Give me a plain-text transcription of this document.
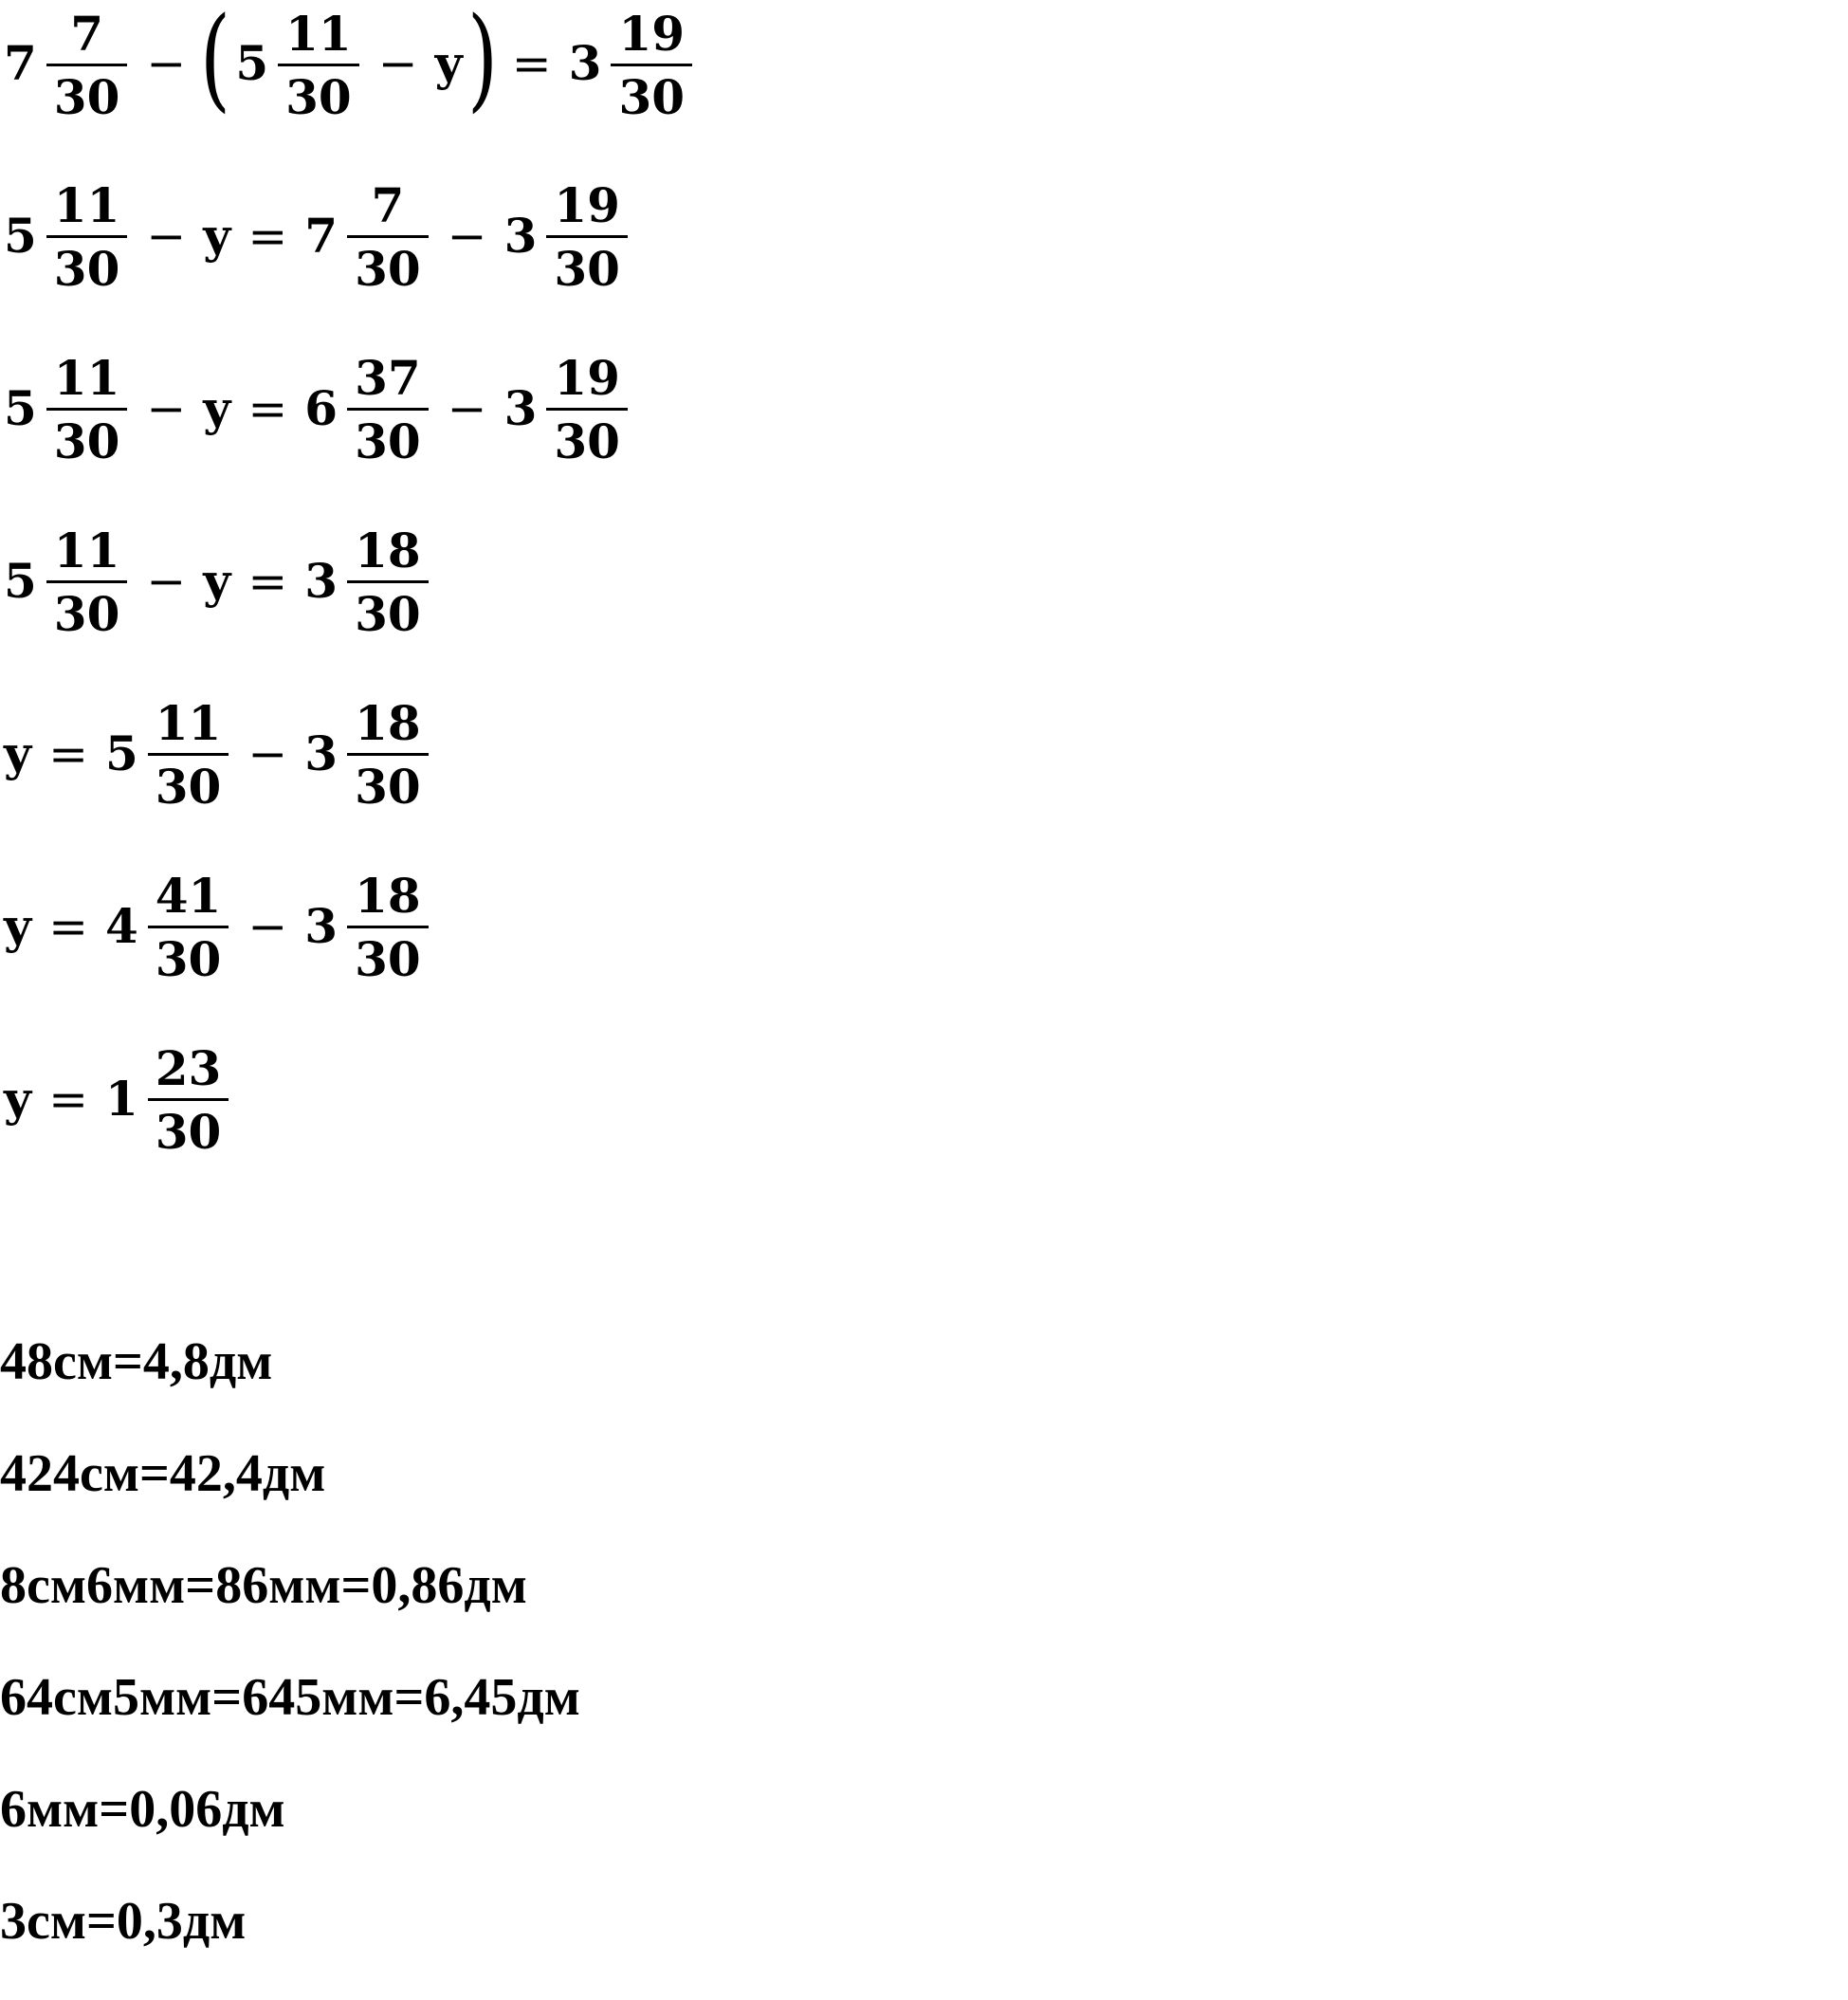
$7 \frac{7}{30}$ − ( $5 \frac{11}{30} - y$ ) = $3 \frac{19}{30}$
$5 \frac{11}{30} - y = 7 \frac{7}{30} - 3 \frac{19}{30}$
$5 \frac{11}{30} - y = 6 \frac{37}{30} - 3 \frac{19}{30}$
$5 \frac{11}{30} - y = 3 \frac{18}{30}$
$y = 5 \frac{11}{30} - 3 \frac{18}{30}$
$y = 4 \frac{41}{30} - 3 \frac{18}{30}$
$y = 1 \frac{23}{30}$
48см=4,8дм
424см=42,4дм
8см6мм=86мм=0,86дм
64см5мм=645мм=6,45дм
6мм=0,06дм
3см=0,3дм
